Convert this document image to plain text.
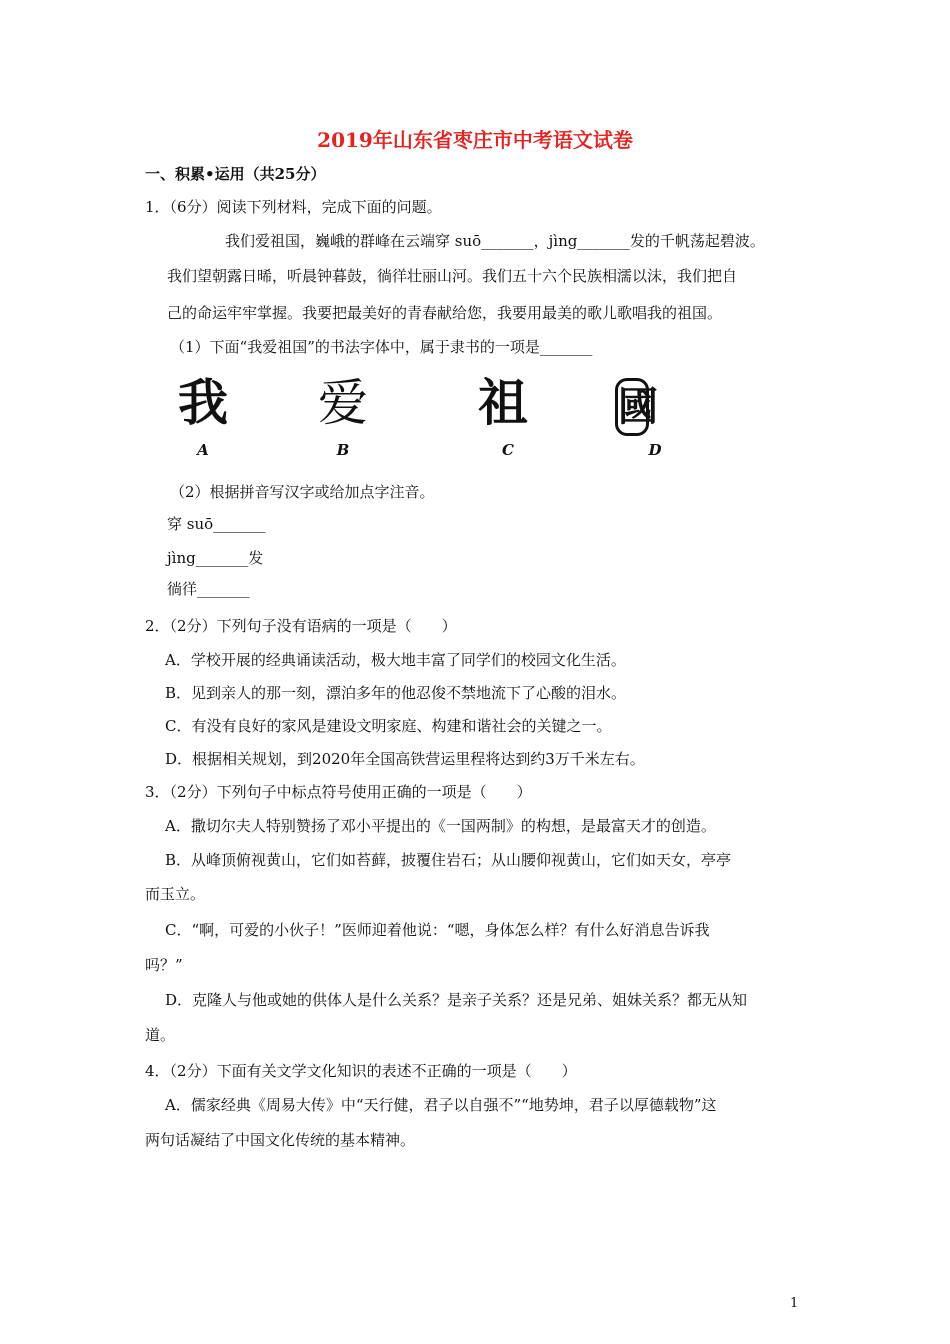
2019年山东省枣庄市中考语文试卷
一、积累•运用（共25分）
1．（6分）阅读下列材料，完成下面的问题。
我们爱祖国，巍峨的群峰在云端穿 suō_______，jìng_______发的千帆荡起碧波。
我们望朝露日晞，听晨钟暮鼓，徜徉壮丽山河。我们五十六个民族相濡以沫，我们把自
己的命运牢牢掌握。我要把最美好的青春献给您，我要用最美的歌儿歌唱我的祖国。
（1）下面“我爱祖国”的书法字体中，属于隶书的一项是_______
我	爱	祖	國
A	B	C	D
（2）根据拼音写汉字或给加点字注音。
穿 suō_______
jìng_______发
徜徉_______
2．（2分）下列句子没有语病的一项是（　　）
A．学校开展的经典诵读活动，极大地丰富了同学们的校园文化生活。
B．见到亲人的那一刻，漂泊多年的他忍俊不禁地流下了心酸的泪水。
C．有没有良好的家风是建设文明家庭、构建和谐社会的关键之一。
D．根据相关规划，到2020年全国高铁营运里程将达到约3万千米左右。
3．（2分）下列句子中标点符号使用正确的一项是（　　）
A．撒切尔夫人特别赞扬了邓小平提出的《一国两制》的构想，是最富天才的创造。
B．从峰顶俯视黄山，它们如苔藓，披覆住岩石；从山腰仰视黄山，它们如天女，亭亭
而玉立。
C．“啊，可爱的小伙子！”医师迎着他说：“嗯，身体怎么样？有什么好消息告诉我
吗？”
D．克隆人与他或她的供体人是什么关系？是亲子关系？还是兄弟、姐妹关系？都无从知
道。
4．（2分）下面有关文学文化知识的表述不正确的一项是（　　）
A．儒家经典《周易大传》中“天行健，君子以自强不”“地势坤，君子以厚德载物”这
两句话凝结了中国文化传统的基本精神。
1
